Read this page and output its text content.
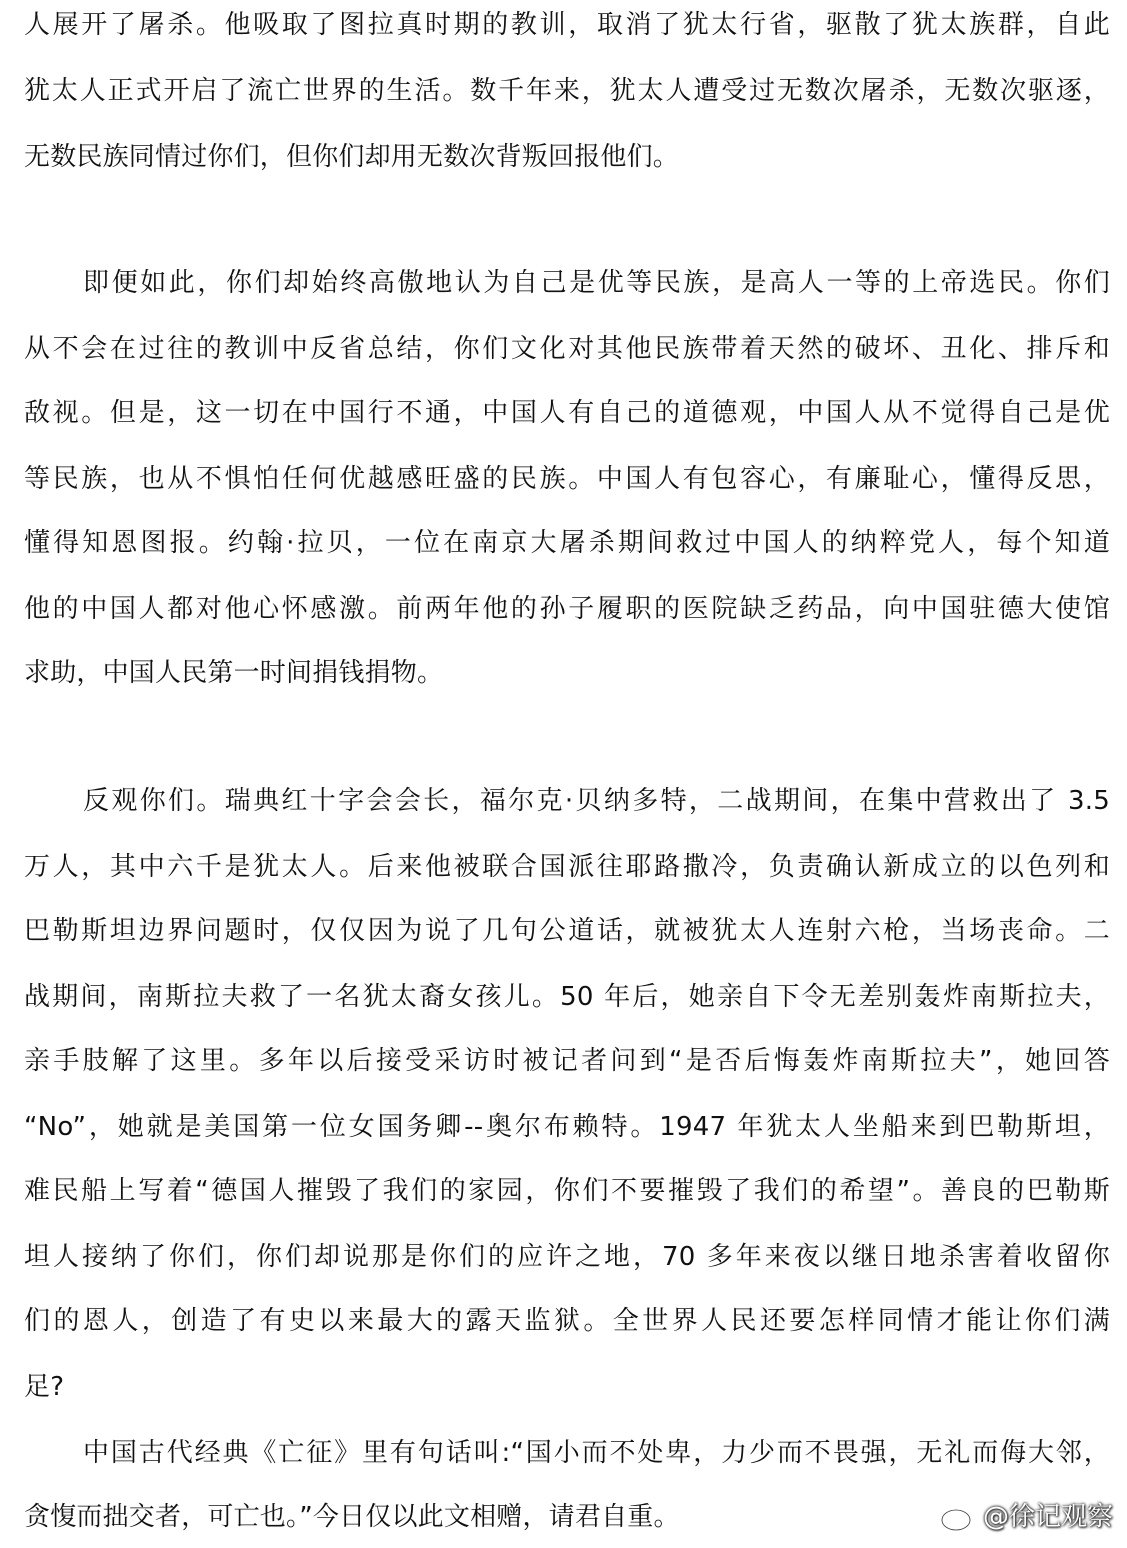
人展开了屠杀。他吸取了图拉真时期的教训，取消了犹太行省，驱散了犹太族群，自此
犹太人正式开启了流亡世界的生活。数千年来，犹太人遭受过无数次屠杀，无数次驱逐，
无数民族同情过你们，但你们却用无数次背叛回报他们。
即便如此，你们却始终高傲地认为自己是优等民族，是高人一等的上帝选民。你们
从不会在过往的教训中反省总结，你们文化对其他民族带着天然的破坏、丑化、排斥和
敌视。但是，这一切在中国行不通，中国人有自己的道德观，中国人从不觉得自己是优
等民族，也从不惧怕任何优越感旺盛的民族。中国人有包容心，有廉耻心，懂得反思，
懂得知恩图报。约翰·拉贝，一位在南京大屠杀期间救过中国人的纳粹党人，每个知道
他的中国人都对他心怀感激。前两年他的孙子履职的医院缺乏药品，向中国驻德大使馆
求助，中国人民第一时间捐钱捐物。
反观你们。瑞典红十字会会长，福尔克·贝纳多特，二战期间，在集中营救出了 3.5
万人，其中六千是犹太人。后来他被联合国派往耶路撒冷，负责确认新成立的以色列和
巴勒斯坦边界问题时，仅仅因为说了几句公道话，就被犹太人连射六枪，当场丧命。二
战期间，南斯拉夫救了一名犹太裔女孩儿。50 年后，她亲自下令无差别轰炸南斯拉夫，
亲手肢解了这里。多年以后接受采访时被记者问到“是否后悔轰炸南斯拉夫”，她回答
“No”，她就是美国第一位女国务卿--奥尔布赖特。1947 年犹太人坐船来到巴勒斯坦，
难民船上写着“德国人摧毁了我们的家园，你们不要摧毁了我们的希望”。善良的巴勒斯
坦人接纳了你们，你们却说那是你们的应许之地，70 多年来夜以继日地杀害着收留你
们的恩人，创造了有史以来最大的露天监狱。全世界人民还要怎样同情才能让你们满
足?
中国古代经典《亡征》里有句话叫:“国小而不处卑，力少而不畏强，无礼而侮大邻，
贪愎而拙交者，可亡也。”今日仅以此文相赠，请君自重。	@徐记观察
